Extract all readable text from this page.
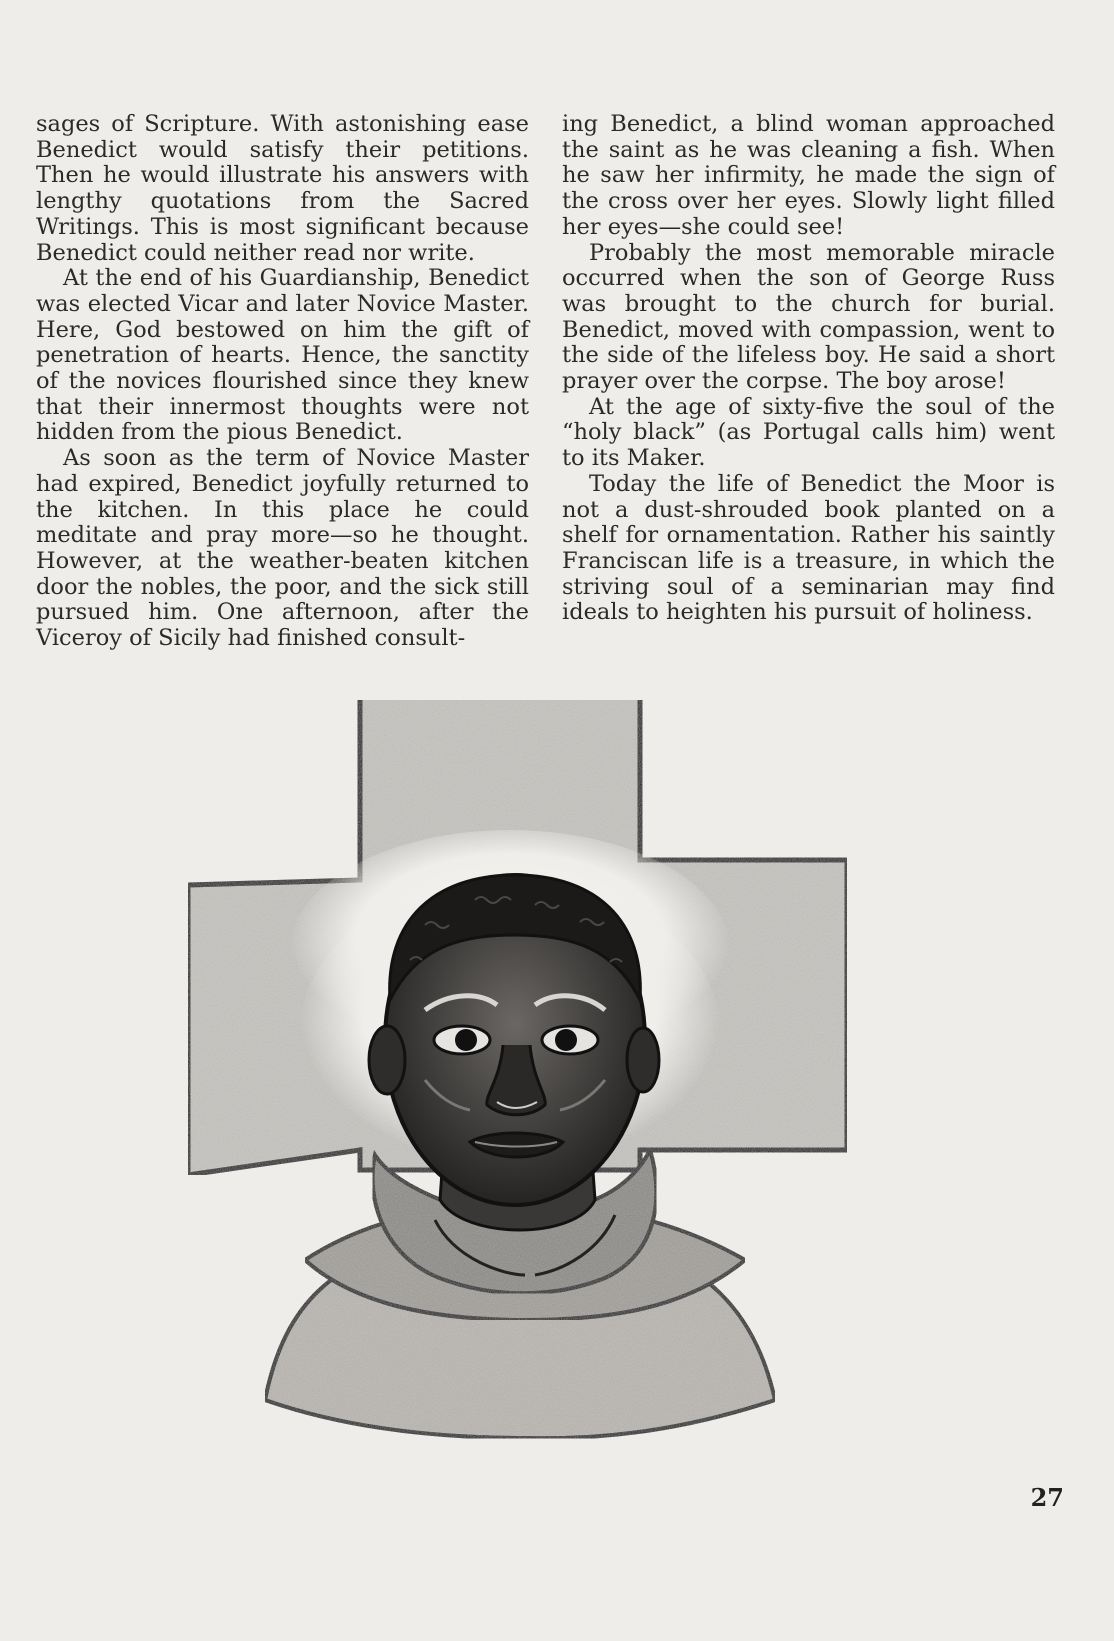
sages of Scripture. With astonishing ease Benedict would satisfy their petitions. Then he would illustrate his answers with lengthy quotations from the Sacred Writings. This is most significant because Benedict could neither read nor write.

At the end of his Guardianship, Benedict was elected Vicar and later Novice Master. Here, God bestowed on him the gift of penetration of hearts. Hence, the sanctity of the novices flourished since they knew that their innermost thoughts were not hidden from the pious Benedict.

As soon as the term of Novice Master had expired, Benedict joyfully returned to the kitchen. In this place he could meditate and pray more—so he thought. However, at the weather-beaten kitchen door the nobles, the poor, and the sick still pursued him. One afternoon, after the Viceroy of Sicily had finished consult-

ing Benedict, a blind woman approached the saint as he was cleaning a fish. When he saw her infirmity, he made the sign of the cross over her eyes. Slowly light filled her eyes—she could see!

Probably the most memorable miracle occurred when the son of George Russ was brought to the church for burial. Benedict, moved with compassion, went to the side of the lifeless boy. He said a short prayer over the corpse. The boy arose!

At the age of sixty-five the soul of the “holy black” (as Portugal calls him) went to its Maker.

Today the life of Benedict the Moor is not a dust-shrouded book planted on a shelf for ornamentation. Rather his saintly Franciscan life is a treasure, in which the striving soul of a seminarian may find ideals to heighten his pursuit of holiness.

27
